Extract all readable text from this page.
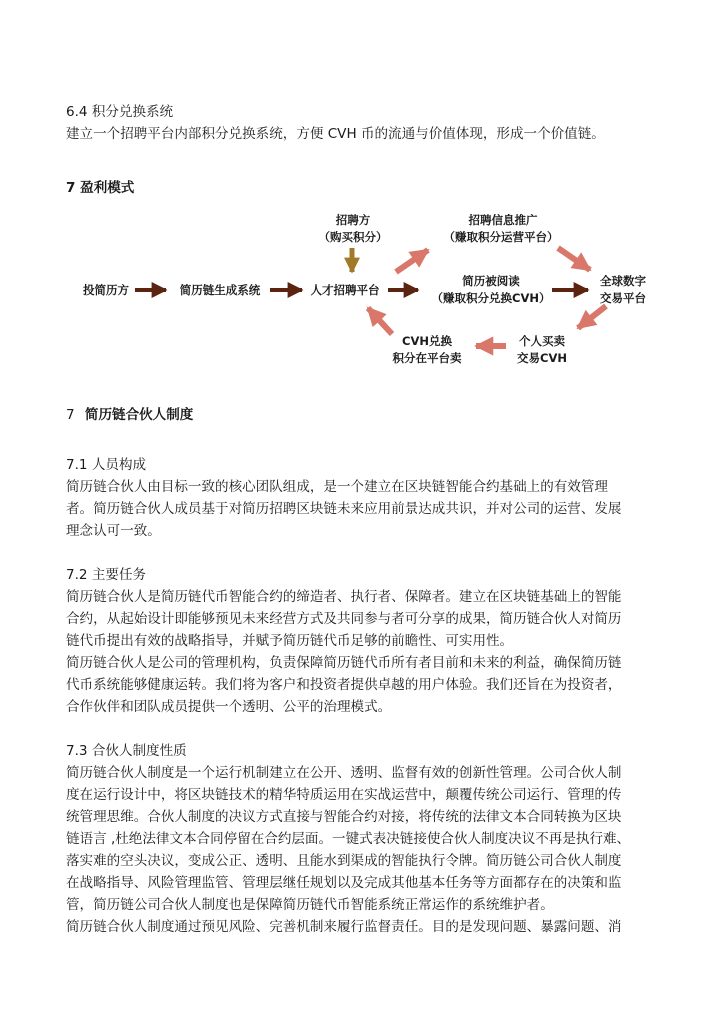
6.4 积分兑换系统
建立一个招聘平台内部积分兑换系统，方便 CVH 币的流通与价值体现，形成一个价值链。
7 盈利模式
招聘方
（购买积分）
招聘信息推广
（赚取积分运营平台）
投简历方	简历链生成系统	人才招聘平台
简历被阅读
（赚取积分兑换CVH）
全球数字
交易平台
个人买卖
交易CVH
CVH兑换
积分在平台卖
7 简历链合伙人制度
7.1 人员构成
简历链合伙人由目标一致的核心团队组成，是一个建立在区块链智能合约基础上的有效管理
者。简历链合伙人成员基于对简历招聘区块链未来应用前景达成共识，并对公司的运营、发展
理念认可一致。
7.2 主要任务
简历链合伙人是简历链代币智能合约的缔造者、执行者、保障者。建立在区块链基础上的智能
合约，从起始设计即能够预见未来经营方式及共同参与者可分享的成果，简历链合伙人对简历
链代币提出有效的战略指导，并赋予简历链代币足够的前瞻性、可实用性。
简历链合伙人是公司的管理机构，负责保障简历链代币所有者目前和未来的利益，确保简历链
代币系统能够健康运转。我们将为客户和投资者提供卓越的用户体验。我们还旨在为投资者，
合作伙伴和团队成员提供一个透明、公平的治理模式。
7.3 合伙人制度性质
简历链合伙人制度是一个运行机制建立在公开、透明、监督有效的创新性管理。公司合伙人制
度在运行设计中，将区块链技术的精华特质运用在实战运营中，颠覆传统公司运行、管理的传
统管理思维。合伙人制度的决议方式直接与智能合约对接，将传统的法律文本合同转换为区块
链语言 ,杜绝法律文本合同停留在合约层面。一键式表决链接使合伙人制度决议不再是执行难、
落实难的空头决议，变成公正、透明、且能水到渠成的智能执行令牌。简历链公司合伙人制度
在战略指导、风险管理监管、管理层继任规划以及完成其他基本任务等方面都存在的决策和监
管，简历链公司合伙人制度也是保障简历链代币智能系统正常运作的系统维护者。
简历链合伙人制度通过预见风险、完善机制来履行监督责任。目的是发现问题、暴露问题、消
